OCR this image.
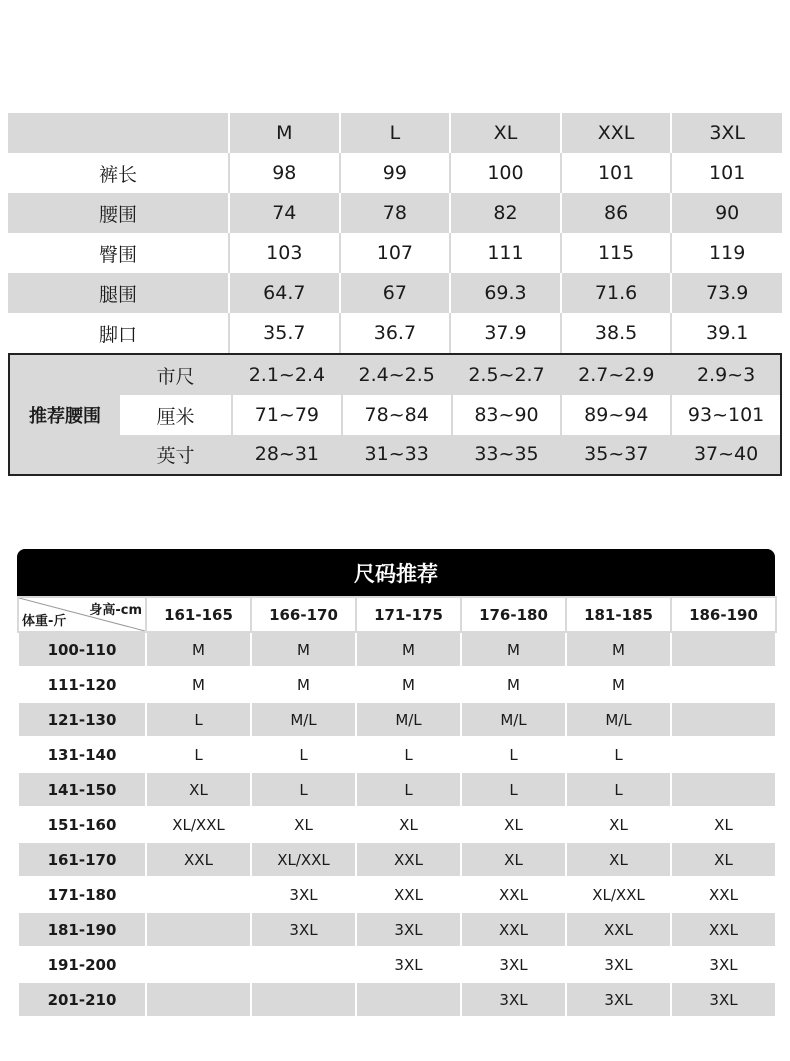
	M	L	XL	XXL	3XL
裤长	98	99	100	101	101
腰围	74	78	82	86	90
臀围	103	107	111	115	119
腿围	64.7	67	69.3	71.6	73.9
脚口	35.7	36.7	37.9	38.5	39.1
推荐腰围
市尺	2.1~2.4	2.4~2.5	2.5~2.7	2.7~2.9	2.9~3
厘米	71~79	78~84	83~90	89~94	93~101
英寸	28~31	31~33	33~35	35~37	37~40
尺码推荐
身高-cm
体重-斤	161-165	166-170	171-175	176-180	181-185	186-190
100-110	M	M	M	M	M	
111-120	M	M	M	M	M	
121-130	L	M/L	M/L	M/L	M/L	
131-140	L	L	L	L	L	
141-150	XL	L	L	L	L	
151-160	XL/XXL	XL	XL	XL	XL	XL
161-170	XXL	XL/XXL	XXL	XL	XL	XL
171-180		3XL	XXL	XXL	XL/XXL	XXL
181-190		3XL	3XL	XXL	XXL	XXL
191-200			3XL	3XL	3XL	3XL
201-210				3XL	3XL	3XL
